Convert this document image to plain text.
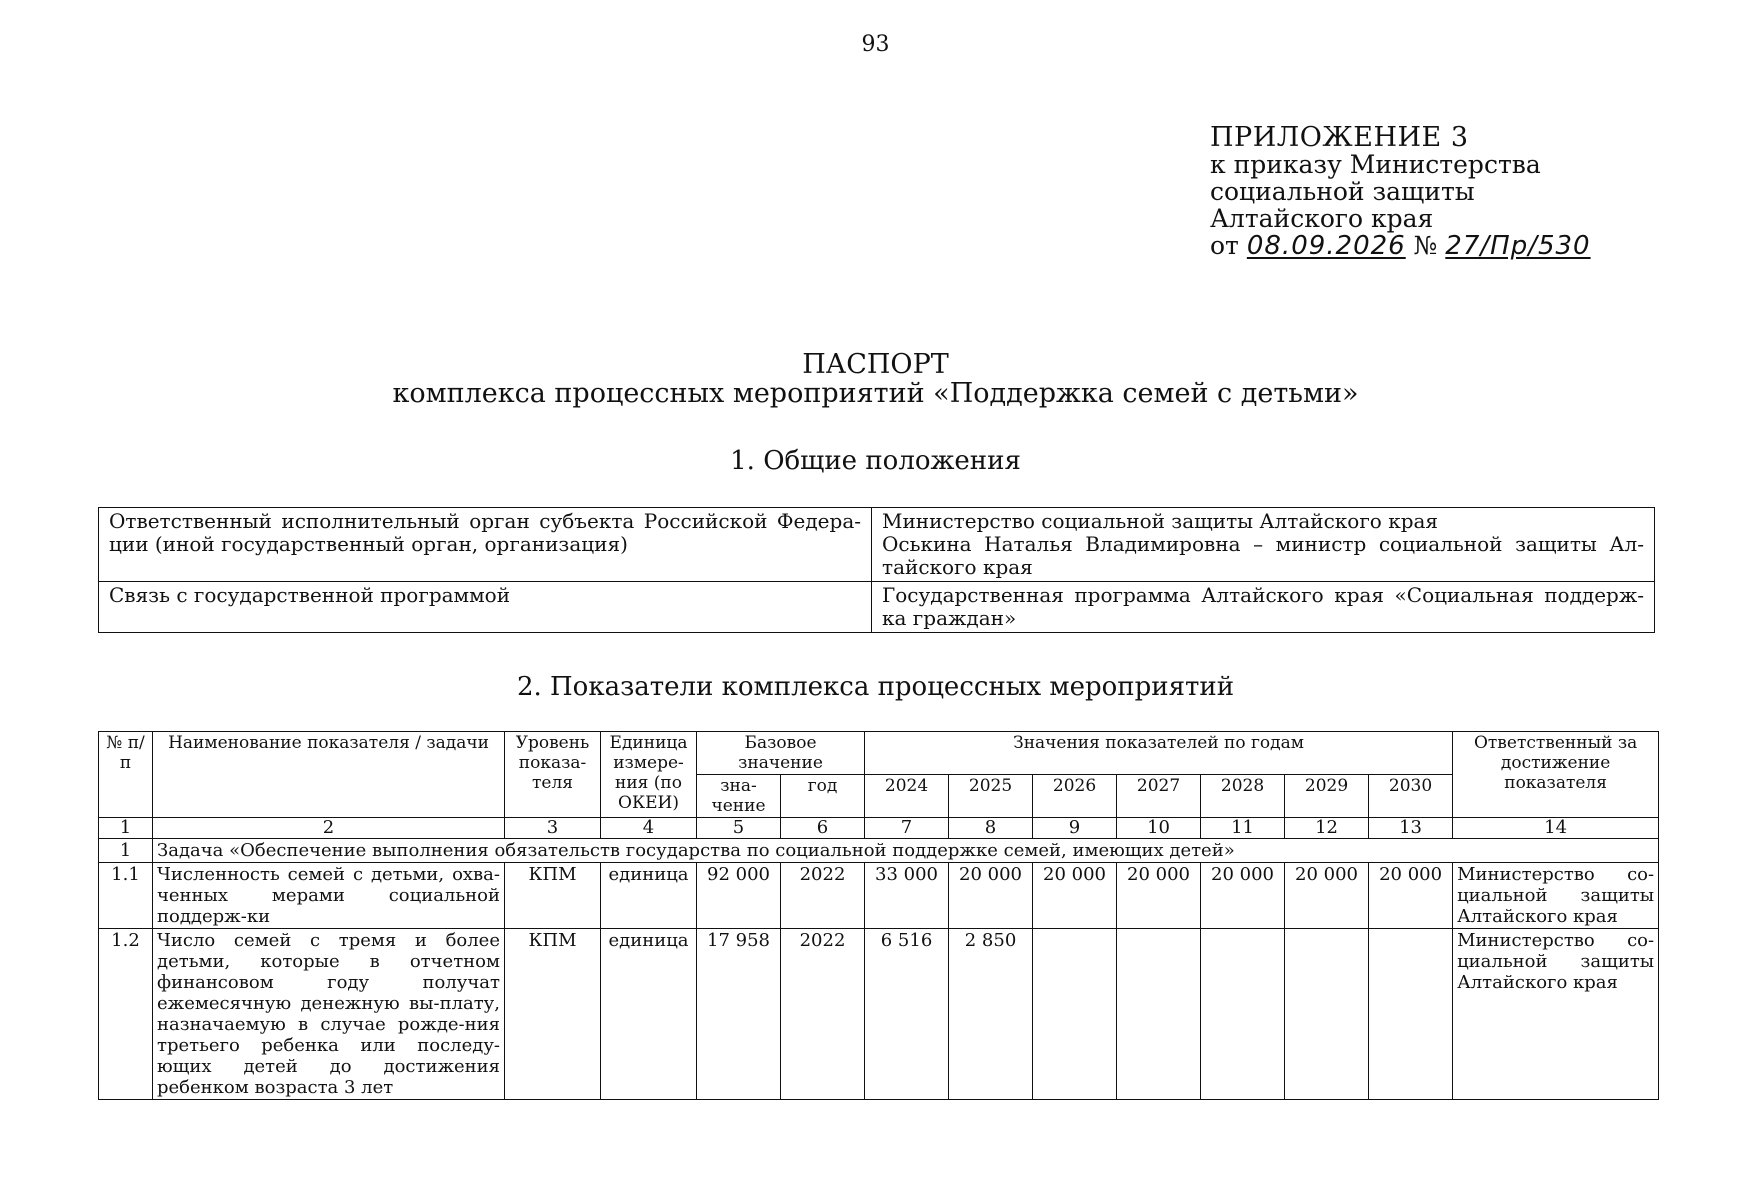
93
ПРИЛОЖЕНИЕ 3
к приказу Министерства
социальной защиты
Алтайского края
от 08.09.2026 № 27/Пр/530
ПАСПОРТ
комплекса процессных мероприятий «Поддержка семей с детьми»
1. Общие положения
Ответственный исполнительный орган субъекта Российской Федера-ции (иной государственный орган, организация)	Министерство социальной защиты Алтайского края
Оськина Наталья Владимировна – министр социальной защиты Ал-тайского края

Связь с государственной программой	Государственная программа Алтайского края «Социальная поддерж-ка граждан»
2. Показатели комплекса процессных мероприятий
№ п/п	Наименование показателя / задачи	Уровень показа-теля	Единица измере-ния (по ОКЕИ)	Базовое значение		Значения показателей по годам							Ответственный за достижение показателя
				зна-чение	год	2024	2025	2026	2027	2028	2029	2030	
1	2	3	4	5	6	7	8	9	10	11	12	13	14
1	Задача «Обеспечение выполнения обязательств государства по социальной поддержке семей, имеющих детей»												
1.1	Численность семей с детьми, охва-ченных мерами социальной поддерж-ки	КПМ	единица	92 000	2022	33 000	20 000	20 000	20 000	20 000	20 000	20 000	Министерство со-циальной защиты Алтайского края
1.2	Число семей с тремя и более детьми, которые в отчетном финансовом году получат ежемесячную денежную вы-плату, назначаемую в случае рожде-ния третьего ребенка или последу-ющих детей до достижения ребенком возраста 3 лет	КПМ	единица	17 958	2022	6 516	2 850						Министерство со-циальной защиты Алтайского края
